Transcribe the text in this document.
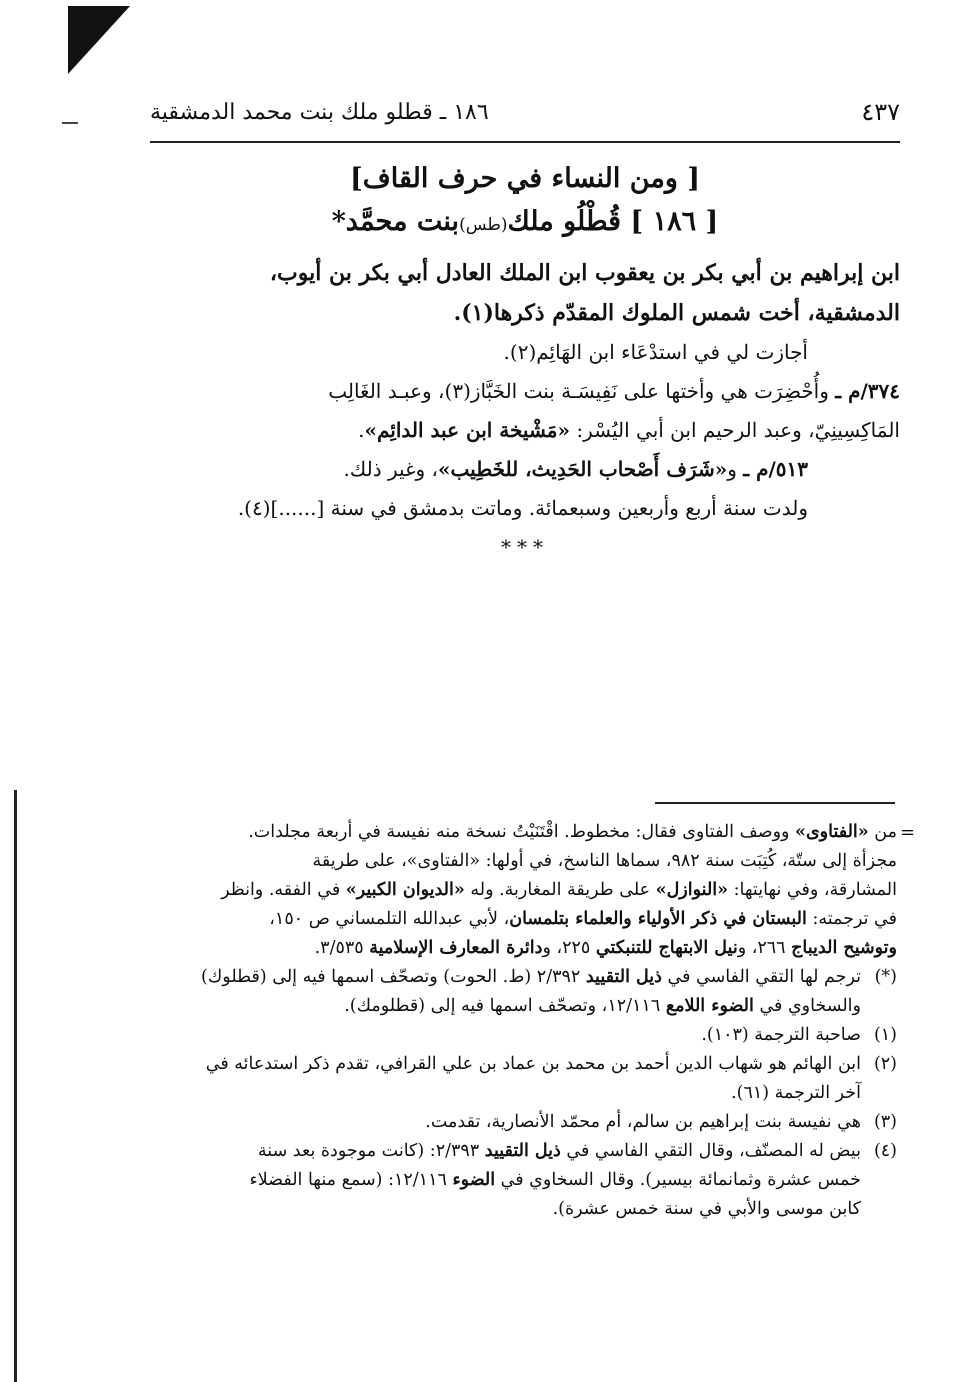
١٨٦ ـ قطلو ملك بنت محمد الدمشقية	٤٣٧
[ ومن النساء في حرف القاف]
[ ١٨٦ ] قُطْلُو ملك(طس)بنت محمَّد*
ابن إبراهيم بن أبي بكر بن يعقوب ابن الملك العادل أبي بكر بن أيوب،
الدمشقية، أخت شمس الملوك المقدّم ذكرها(١).

أجازت لي في استدْعَاء ابن الهَائِم(٢).

٣٧٤/م ـ وأُحْضِرَت هي وأختها على نَفِيسَـة بنت الخَبَّاز(٣)، وعبـد الغَالِب

المَاكِسِينِيّ، وعبد الرحيم ابن أبي اليُسْر: «مَشْيخة ابن عبد الدائِم».

٥١٣/م ـ و«شَرَف أَصْحاب الحَدِيث، للخَطِيب»، وغير ذلك.

ولدت سنة أربع وأربعين وسبعمائة. وماتت بدمشق في سنة [......](٤).

***
=
من «الفتاوى» ووصف الفتاوى فقال: مخطوط. اقْتَنَيْتُ نسخة منه نفيسة في أربعة مجلدات.
مجزأة إلى ستّة، كُتِبَت سنة ٩٨٢، سماها الناسخ، في أولها: «الفتاوى»، على طريقة
المشارقة، وفي نهايتها: «النوازل» على طريقة المغاربة. وله «الديوان الكبير» في الفقه. وانظر
في ترجمته: البستان في ذكر الأولياء والعلماء بتلمسان، لأبي عبدالله التلمساني ص ١٥٠،
وتوشيح الديباج ٢٦٦، ونيل الابتهاج للتنبكتي ٢٢٥، ودائرة المعارف الإسلامية ٣/٥٣٥.
(*)
ترجم لها التقي الفاسي في ذيل التقييد ٢/٣٩٢ (ط. الحوت) وتصحّف اسمها فيه إلى (قطلوك)
والسخاوي في الضوء اللامع ١٢/١١٦، وتصحّف اسمها فيه إلى (قطلومك).
(١)
صاحبة الترجمة (١٠٣).
(٢)
ابن الهائم هو شهاب الدين أحمد بن محمد بن عماد بن علي القرافي، تقدم ذكر استدعائه في
آخر الترجمة (٦١).
(٣)
هي نفيسة بنت إبراهيم بن سالم، أم محمّد الأنصارية، تقدمت.
(٤)
بيض له المصنّف، وقال التقي الفاسي في ذيل التقييد ٢/٣٩٣: (كانت موجودة بعد سنة
خمس عشرة وثمانمائة بيسير). وقال السخاوي في الضوء ١٢/١١٦: (سمع منها الفضلاء
كابن موسى والأبي في سنة خمس عشرة).
